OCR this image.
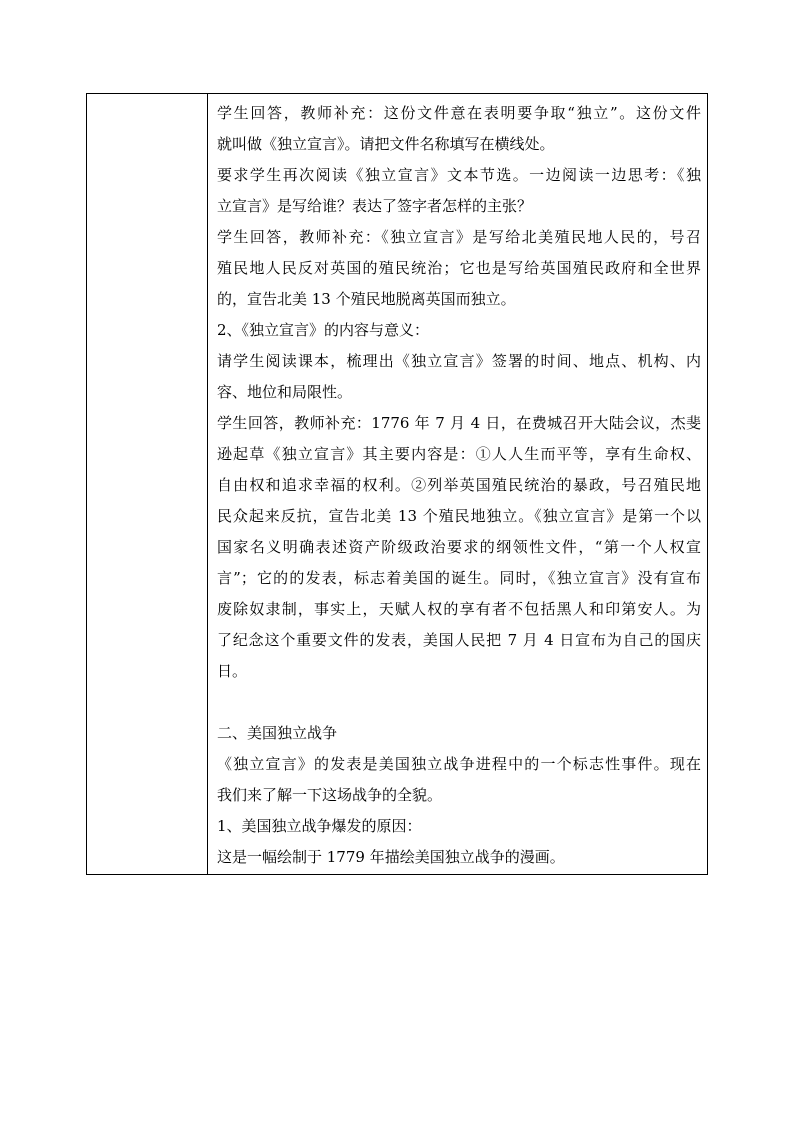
学生回答，教师补充：这份文件意在表明要争取“独立”。这份文件
就叫做《独立宣言》。请把文件名称填写在横线处。
要求学生再次阅读《独立宣言》文本节选。一边阅读一边思考：《独
立宣言》是写给谁？表达了签字者怎样的主张？
学生回答，教师补充：《独立宣言》是写给北美殖民地人民的，号召
殖民地人民反对英国的殖民统治；它也是写给英国殖民政府和全世界
的，宣告北美 13 个殖民地脱离英国而独立。
2、《独立宣言》的内容与意义：
请学生阅读课本，梳理出《独立宣言》签署的时间、地点、机构、内
容、地位和局限性。
学生回答，教师补充：1776 年 7 月 4 日，在费城召开大陆会议，杰斐
逊起草《独立宣言》其主要内容是：①人人生而平等，享有生命权、
自由权和追求幸福的权利。②列举英国殖民统治的暴政，号召殖民地
民众起来反抗，宣告北美 13 个殖民地独立。《独立宣言》是第一个以
国家名义明确表述资产阶级政治要求的纲领性文件，“第一个人权宣
言”；它的的发表，标志着美国的诞生。同时，《独立宣言》没有宣布
废除奴隶制，事实上，天赋人权的享有者不包括黑人和印第安人。为
了纪念这个重要文件的发表，美国人民把 7 月 4 日宣布为自己的国庆
日。
二、美国独立战争
《独立宣言》的发表是美国独立战争进程中的一个标志性事件。现在
我们来了解一下这场战争的全貌。
1、美国独立战争爆发的原因：
这是一幅绘制于 1779 年描绘美国独立战争的漫画。
